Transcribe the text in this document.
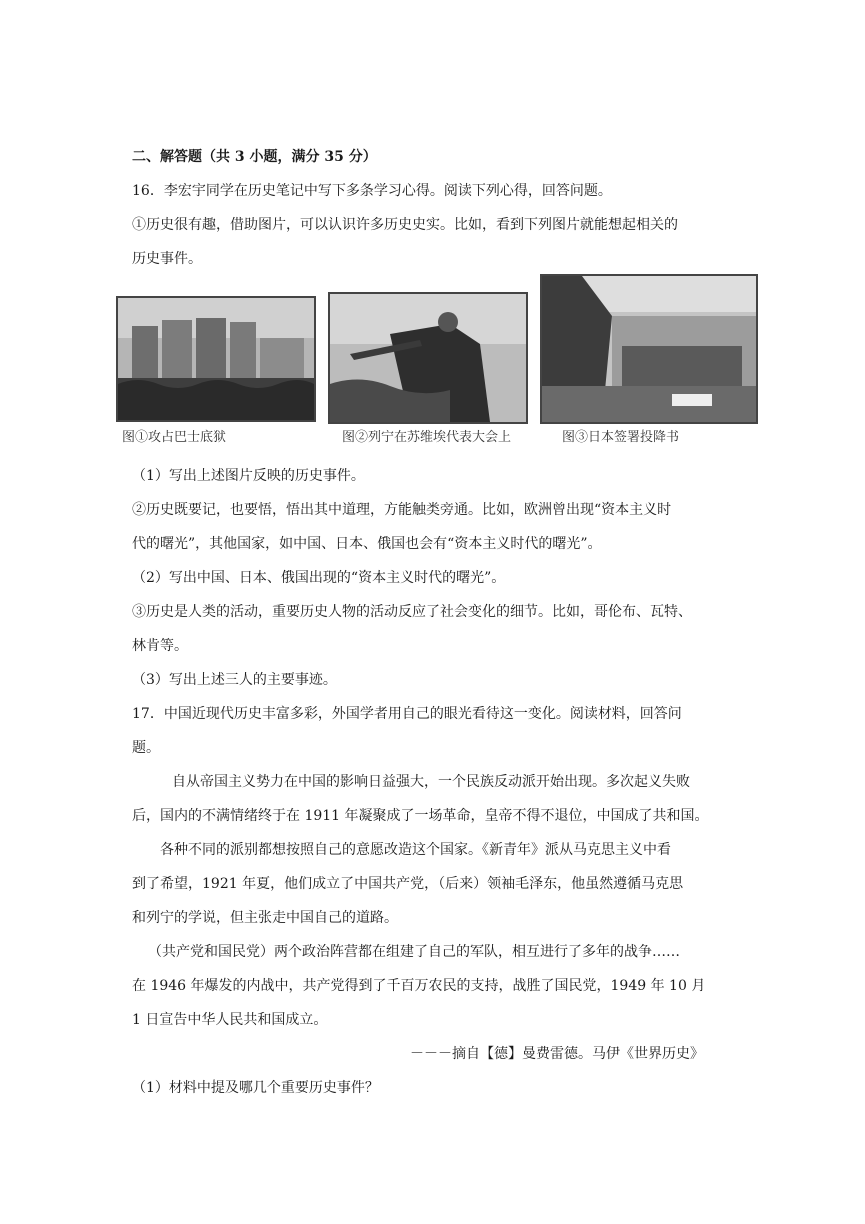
二、解答题（共 3 小题，满分 35 分）
16．李宏宇同学在历史笔记中写下多条学习心得。阅读下列心得，回答问题。
①历史很有趣，借助图片，可以认识许多历史史实。比如，看到下列图片就能想起相关的
历史事件。
图①攻占巴士底狱	图②列宁在苏维埃代表大会上	图③日本签署投降书
（1）写出上述图片反映的历史事件。
②历史既要记，也要悟，悟出其中道理，方能触类旁通。比如，欧洲曾出现“资本主义时
代的曙光”，其他国家，如中国、日本、俄国也会有“资本主义时代的曙光”。
（2）写出中国、日本、俄国出现的“资本主义时代的曙光”。
③历史是人类的活动，重要历史人物的活动反应了社会变化的细节。比如，哥伦布、瓦特、
林肯等。
（3）写出上述三人的主要事迹。
17．中国近现代历史丰富多彩，外国学者用自己的眼光看待这一变化。阅读材料，回答问
题。
自从帝国主义势力在中国的影响日益强大，一个民族反动派开始出现。多次起义失败
后，国内的不满情绪终于在 1911 年凝聚成了一场革命，皇帝不得不退位，中国成了共和国。
各种不同的派别都想按照自己的意愿改造这个国家。《新青年》派从马克思主义中看
到了希望，1921 年夏，他们成立了中国共产党，（后来）领袖毛泽东，他虽然遵循马克思
和列宁的学说，但主张走中国自己的道路。
（共产党和国民党）两个政治阵营都在组建了自己的军队，相互进行了多年的战争……
在 1946 年爆发的内战中，共产党得到了千百万农民的支持，战胜了国民党，1949 年 10 月
1 日宣告中华人民共和国成立。
－－－摘自【德】曼费雷德。马伊《世界历史》
（1）材料中提及哪几个重要历史事件？
